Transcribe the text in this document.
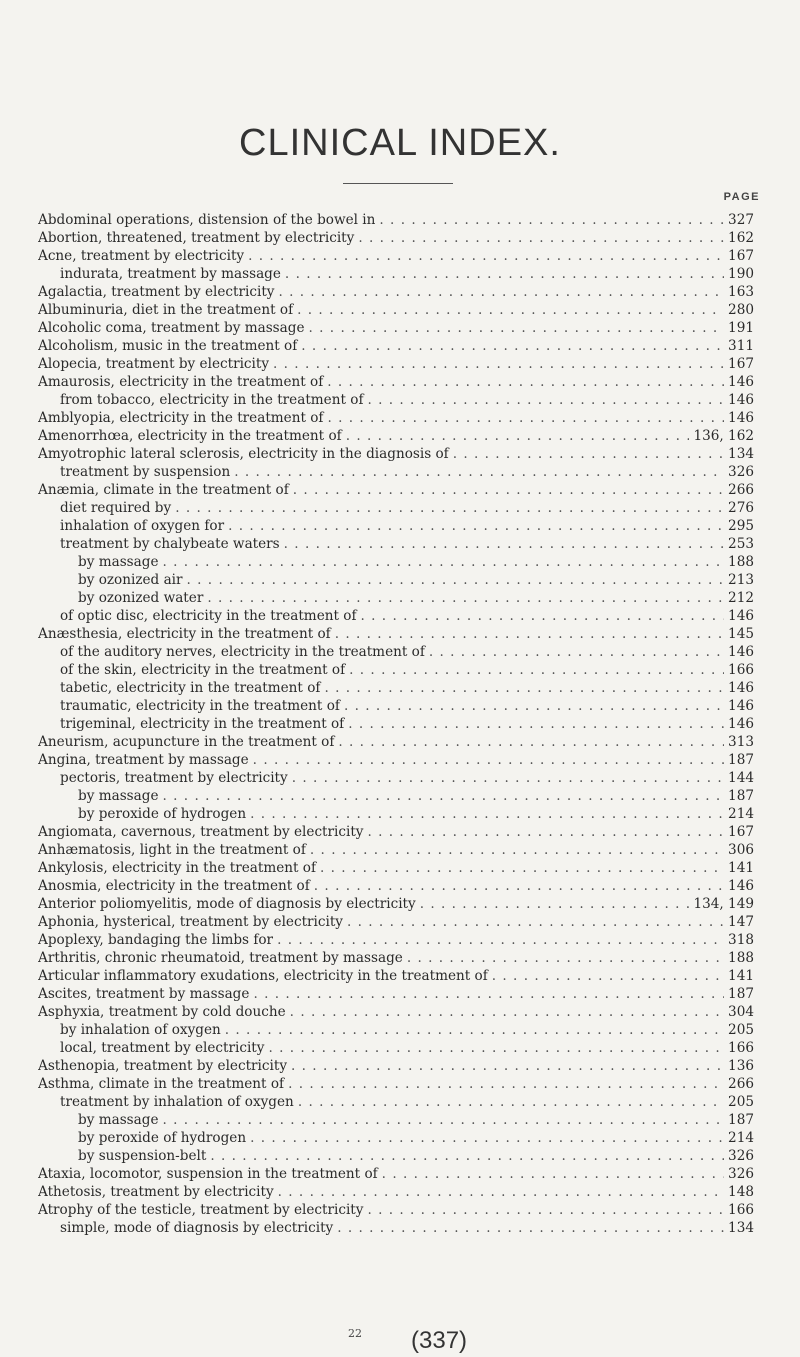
CLINICAL INDEX.
PAGE
Abdominal operations, distension of the bowel in . . .	327
Abortion, threatened, treatment by electricity . . .	162
Acne, treatment by electricity . . .	167
indurata, treatment by massage . . .	190
Agalactia, treatment by electricity . . .	163
Albuminuria, diet in the treatment of . . .	280
Alcoholic coma, treatment by massage . . .	191
Alcoholism, music in the treatment of . . .	311
Alopecia, treatment by electricity . . .	167
Amaurosis, electricity in the treatment of . . .	146
from tobacco, electricity in the treatment of . . .	146
Amblyopia, electricity in the treatment of . . .	146
Amenorrhœa, electricity in the treatment of . . .	136, 162
Amyotrophic lateral sclerosis, electricity in the diagnosis of . . .	134
treatment by suspension . . .	326
Anæmia, climate in the treatment of . . .	266
diet required by . . .	276
inhalation of oxygen for . . .	295
treatment by chalybeate waters . . .	253
by massage . . .	188
by ozonized air . . .	213
by ozonized water . . .	212
of optic disc, electricity in the treatment of . . .	146
Anæsthesia, electricity in the treatment of . . .	145
of the auditory nerves, electricity in the treatment of . . .	146
of the skin, electricity in the treatment of . . .	166
tabetic, electricity in the treatment of . . .	146
traumatic, electricity in the treatment of . . .	146
trigeminal, electricity in the treatment of . . .	146
Aneurism, acupuncture in the treatment of . . .	313
Angina, treatment by massage . . .	187
pectoris, treatment by electricity . . .	144
by massage . . .	187
by peroxide of hydrogen . . .	214
Angiomata, cavernous, treatment by electricity . . .	167
Anhæmatosis, light in the treatment of . . .	306
Ankylosis, electricity in the treatment of . . .	141
Anosmia, electricity in the treatment of . . .	146
Anterior poliomyelitis, mode of diagnosis by electricity . . .	134, 149
Aphonia, hysterical, treatment by electricity . . .	147
Apoplexy, bandaging the limbs for . . .	318
Arthritis, chronic rheumatoid, treatment by massage . . .	188
Articular inflammatory exudations, electricity in the treatment of . . .	141
Ascites, treatment by massage . . .	187
Asphyxia, treatment by cold douche . . .	304
by inhalation of oxygen . . .	205
local, treatment by electricity . . .	166
Asthenopia, treatment by electricity . . .	136
Asthma, climate in the treatment of . . .	266
treatment by inhalation of oxygen . . .	205
by massage . . .	187
by peroxide of hydrogen . . .	214
by suspension-belt . . .	326
Ataxia, locomotor, suspension in the treatment of . . .	326
Athetosis, treatment by electricity . . .	148
Atrophy of the testicle, treatment by electricity . . .	166
simple, mode of diagnosis by electricity . . .	134
22 (337)
